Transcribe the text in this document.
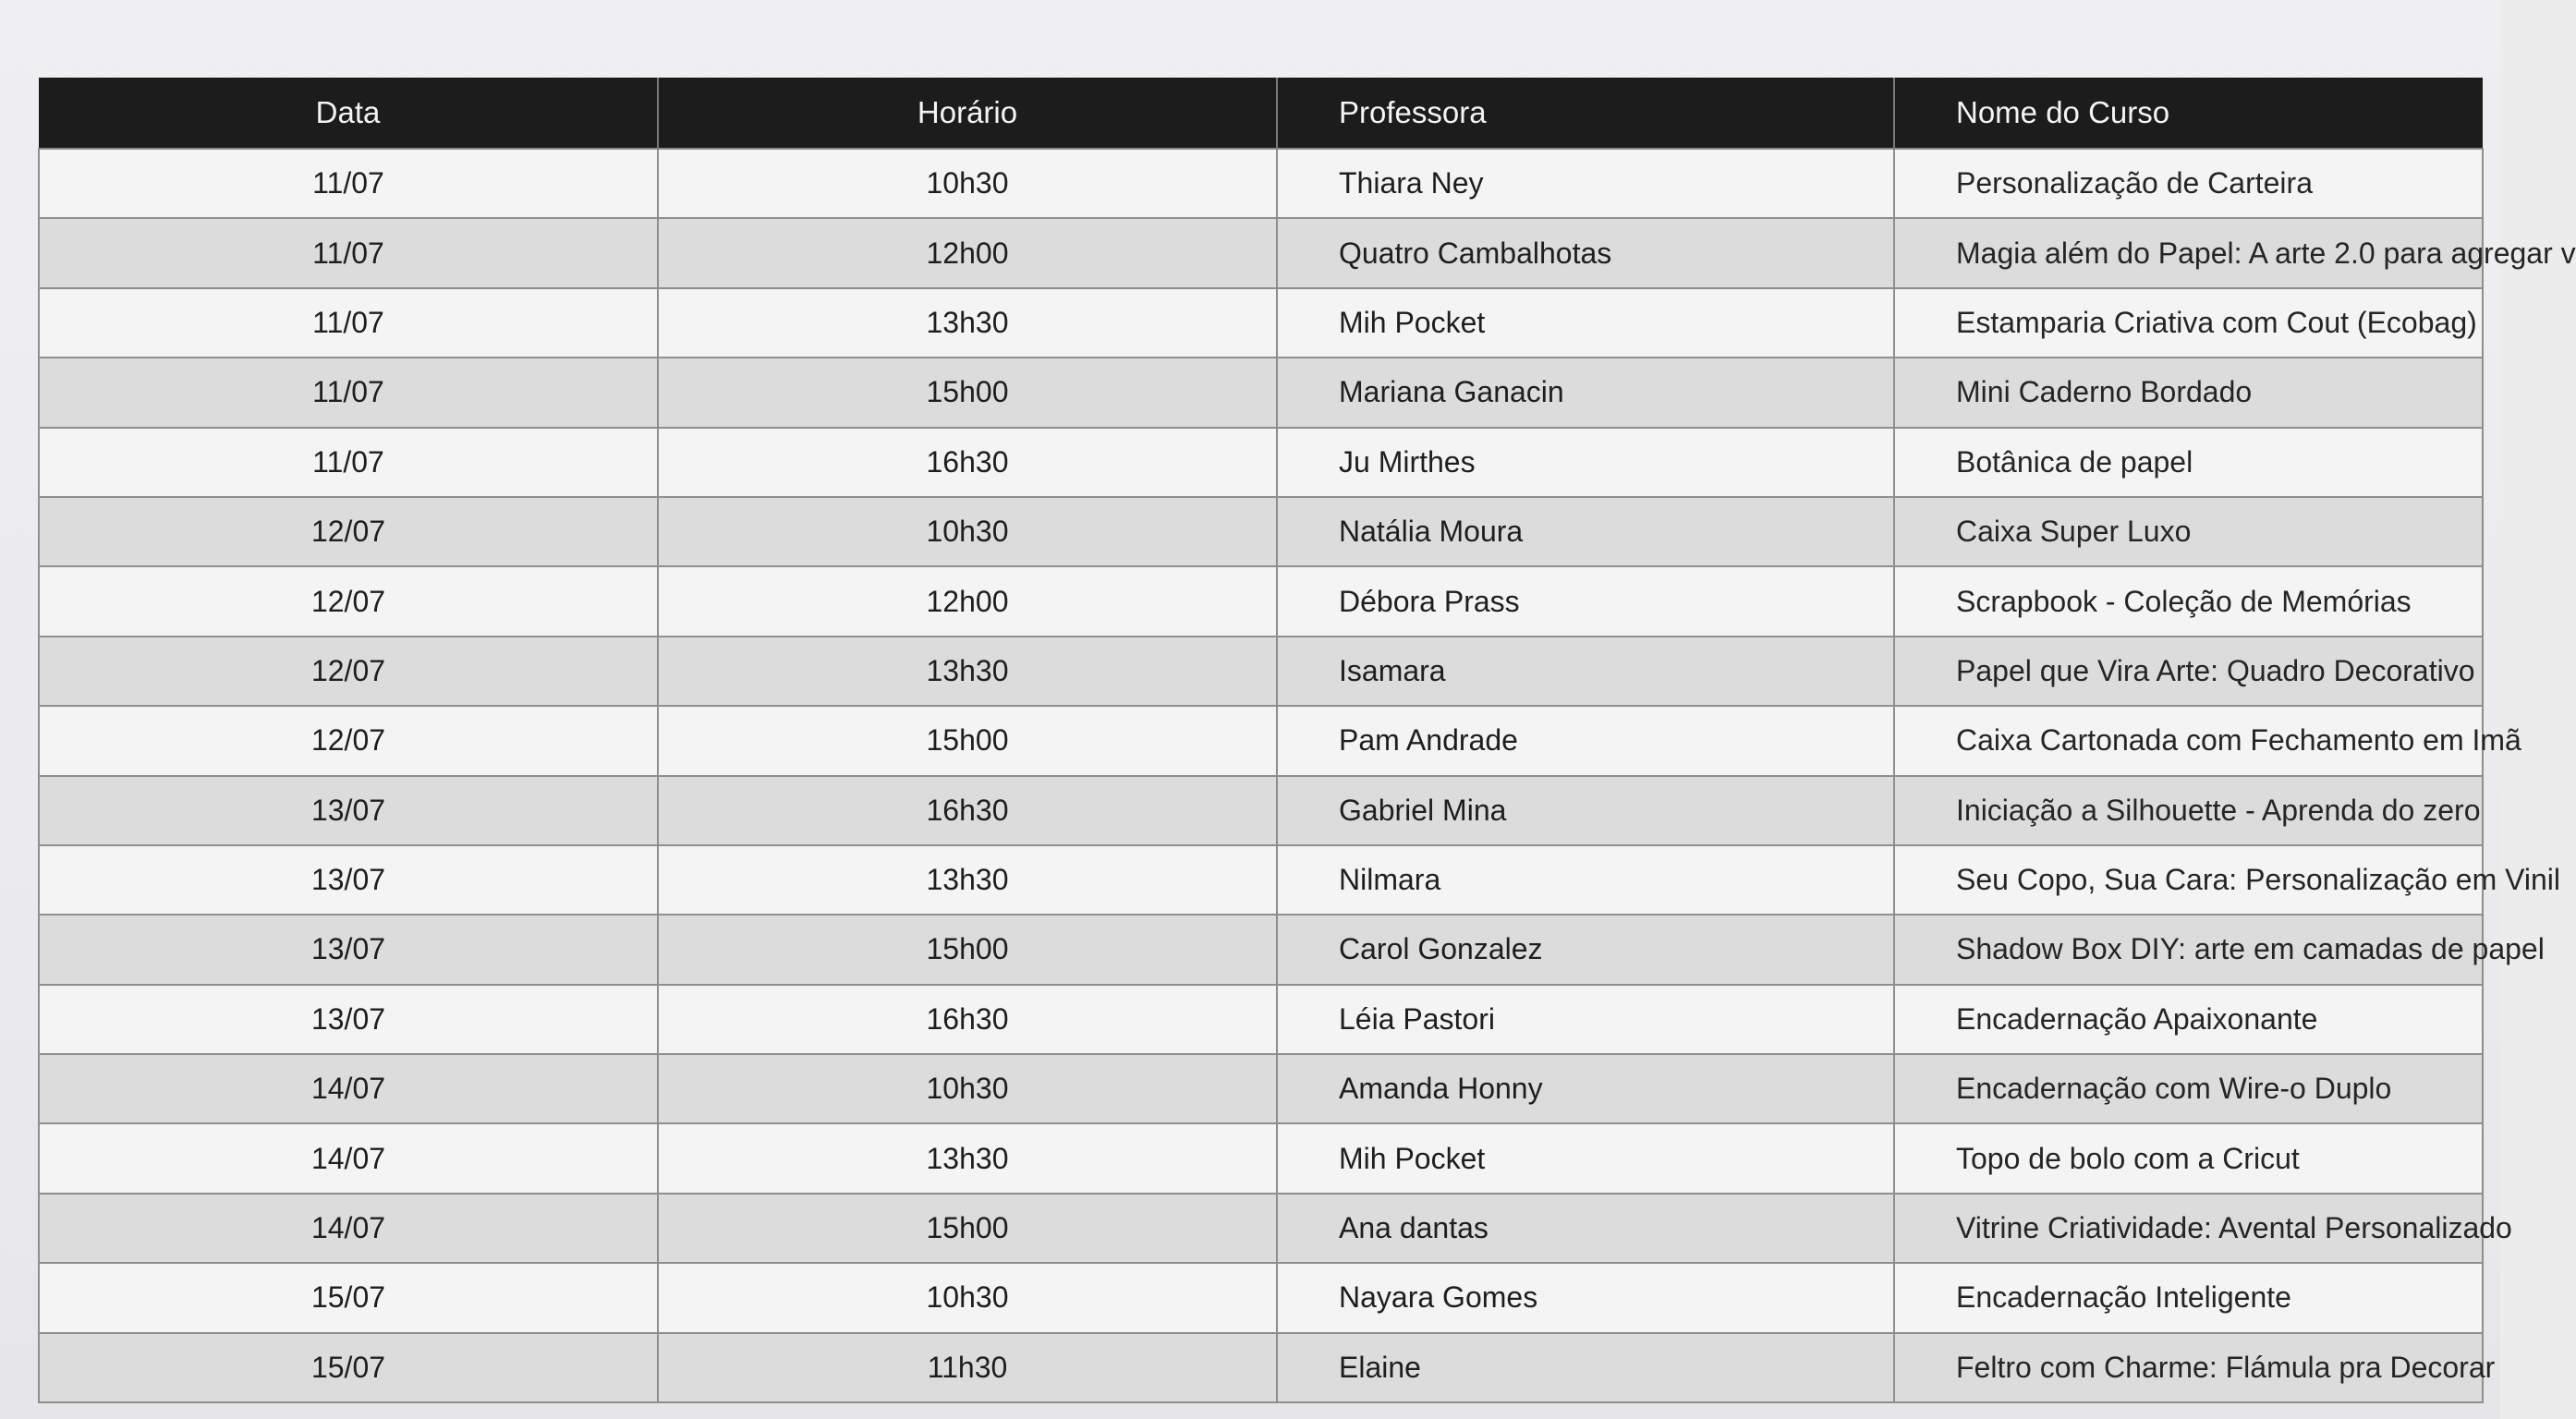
Data	Horário	Professora	Nome do Curso
11/07	10h30	Thiara Ney	Personalização de Carteira
11/07	12h00	Quatro Cambalhotas	Magia além do Papel: A arte 2.0 para agregar v
11/07	13h30	Mih Pocket	Estamparia Criativa com Cout (Ecobag)
11/07	15h00	Mariana Ganacin	Mini Caderno Bordado
11/07	16h30	Ju Mirthes	Botânica de papel
12/07	10h30	Natália Moura	Caixa Super Luxo
12/07	12h00	Débora Prass	Scrapbook - Coleção de Memórias
12/07	13h30	Isamara	Papel que Vira Arte: Quadro Decorativo
12/07	15h00	Pam Andrade	Caixa Cartonada com Fechamento em Imã
13/07	16h30	Gabriel Mina	Iniciação a Silhouette - Aprenda do zero
13/07	13h30	Nilmara	Seu Copo, Sua Cara: Personalização em Vinil
13/07	15h00	Carol Gonzalez	Shadow Box DIY: arte em camadas de papel
13/07	16h30	Léia Pastori	Encadernação Apaixonante
14/07	10h30	Amanda Honny	Encadernação com Wire-o Duplo
14/07	13h30	Mih Pocket	Topo de bolo com a Cricut
14/07	15h00	Ana dantas	Vitrine Criatividade: Avental Personalizado
15/07	10h30	Nayara Gomes	Encadernação Inteligente
15/07	11h30	Elaine	Feltro com Charme: Flámula pra Decorar
